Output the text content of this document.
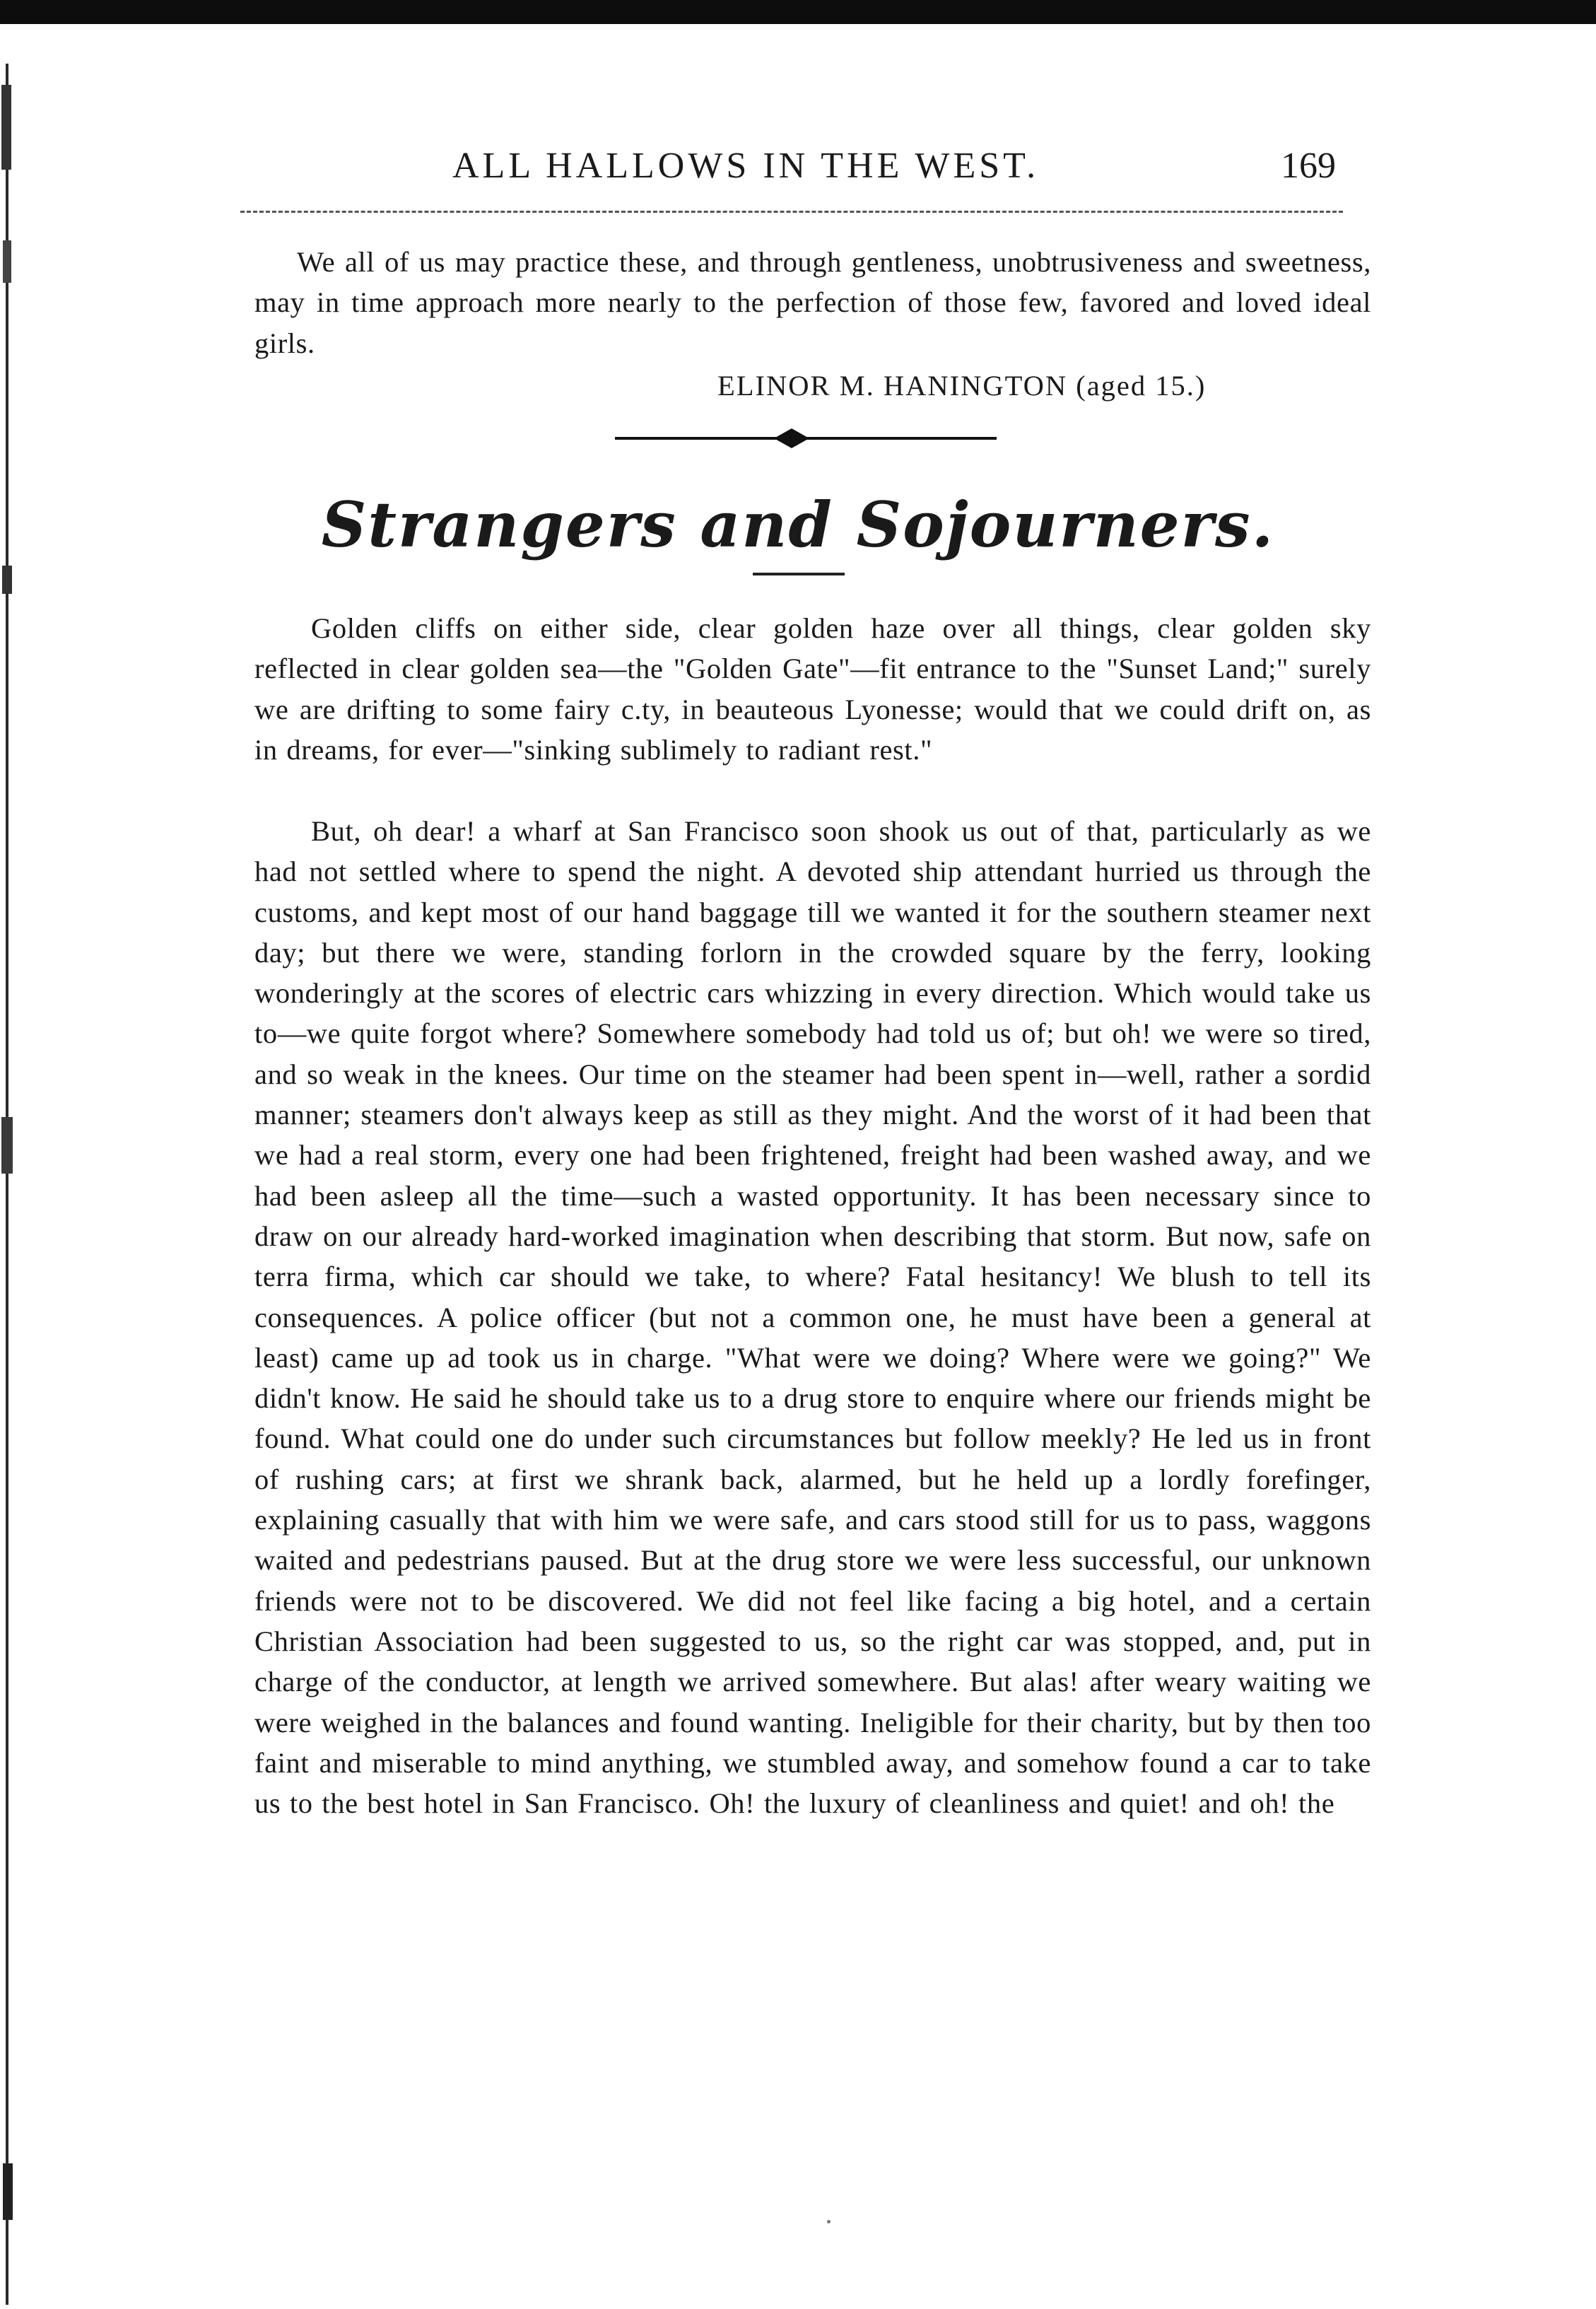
ALL HALLOWS IN THE WEST.	169

We all of us may practice these, and through gentleness, unobtrusiveness and sweetness, may in time approach more nearly to the perfection of those few, favored and loved ideal girls.

ELINOR M. HANINGTON (aged 15.)
Strangers and Sojourners.

Golden cliffs on either side, clear golden haze over all things, clear golden sky reflected in clear golden sea—the "Golden Gate"—fit entrance to the "Sunset Land;" surely we are drifting to some fairy c.ty, in beauteous Lyonesse; would that we could drift on, as in dreams, for ever—"sinking sublimely to radiant rest."

But, oh dear! a wharf at San Francisco soon shook us out of that, particularly as we had not settled where to spend the night. A devoted ship attendant hurried us through the customs, and kept most of our hand baggage till we wanted it for the southern steamer next day; but there we were, standing forlorn in the crowded square by the ferry, looking wonderingly at the scores of electric cars whizzing in every direction. Which would take us to—we quite forgot where? Somewhere somebody had told us of; but oh! we were so tired, and so weak in the knees. Our time on the steamer had been spent in—well, rather a sordid manner; steamers don't always keep as still as they might. And the worst of it had been that we had a real storm, every one had been frightened, freight had been washed away, and we had been asleep all the time—such a wasted opportunity. It has been necessary since to draw on our already hard-worked imagination when describing that storm. But now, safe on terra firma, which car should we take, to where? Fatal hesitancy! We blush to tell its consequences. A police officer (but not a common one, he must have been a general at least) came up ad took us in charge. "What were we doing? Where were we going?" We didn't know. He said he should take us to a drug store to enquire where our friends might be found. What could one do under such circumstances but follow meekly? He led us in front of rushing cars; at first we shrank back, alarmed, but he held up a lordly forefinger, explaining casually that with him we were safe, and cars stood still for us to pass, waggons waited and pedestrians paused. But at the drug store we were less successful, our unknown friends were not to be discovered. We did not feel like facing a big hotel, and a certain Christian Association had been suggested to us, so the right car was stopped, and, put in charge of the conductor, at length we arrived somewhere. But alas! after weary waiting we were weighed in the balances and found wanting. Ineligible for their charity, but by then too faint and miserable to mind anything, we stumbled away, and somehow found a car to take us to the best hotel in San Francisco. Oh! the luxury of cleanliness and quiet! and oh! the
